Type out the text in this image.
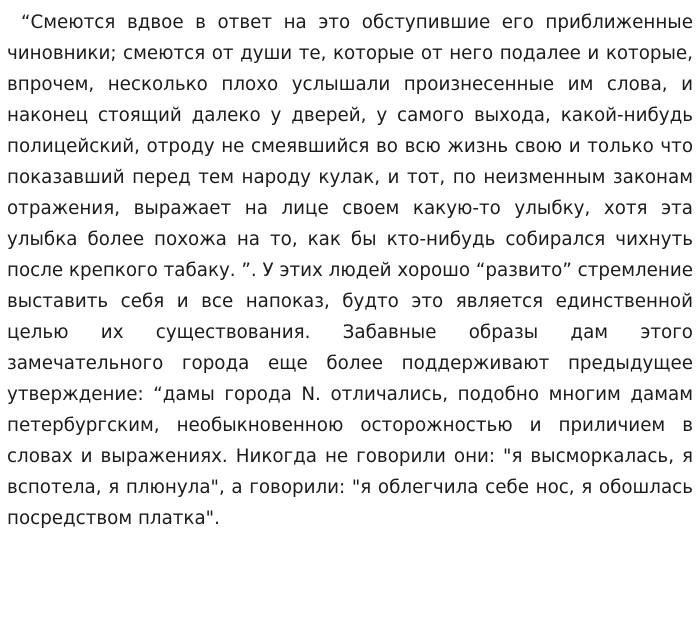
“Смеются вдвое в ответ на это обступившие его приближенные чиновники; смеются от души те, которые от него подалее и которые, впрочем, несколько плохо услышали произнесенные им слова, и наконец стоящий далеко у дверей, у самого выхода, какой-нибудь полицейский, отроду не смеявшийся во всю жизнь свою и только что показавший перед тем народу кулак, и тот, по неизменным законам отражения, выражает на лице своем какую-то улыбку, хотя эта улыбка более похожа на то, как бы кто-нибудь собирался чихнуть после крепкого табаку. ”. У этих людей хорошо “развито” стремление выставить себя и все напоказ, будто это является единственной целью их существования. Забавные образы дам этого замечательного города еще более поддерживают предыдущее утверждение: “дамы города N. отличались, подобно многим дамам петербургским, необыкновенною осторожностью и приличием в словах и выражениях. Никогда не говорили они: "я высморкалась, я вспотела, я плюнула", а говорили: "я облегчила себе нос, я обошлась посредством платка".
